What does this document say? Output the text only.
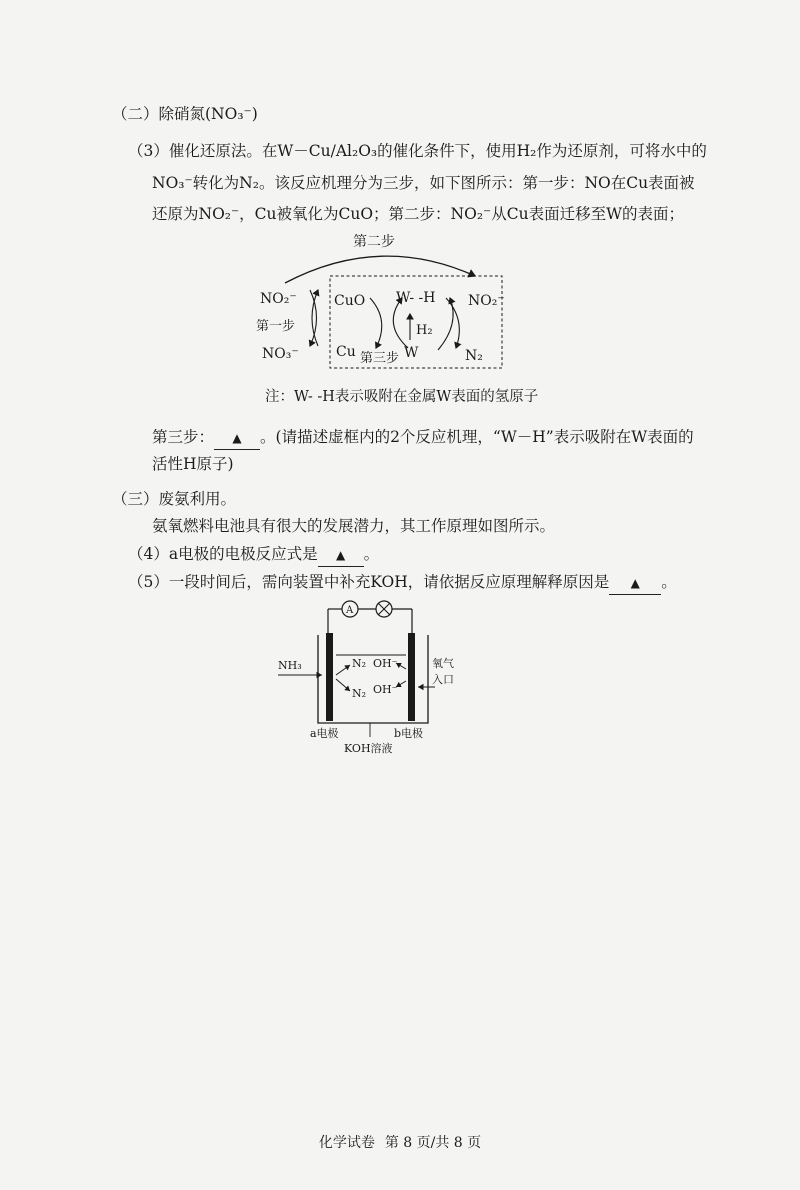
（二）除硝氮(NO₃⁻)
（3）催化还原法。在W－Cu/Al₂O₃的催化条件下，使用H₂作为还原剂，可将水中的
NO₃⁻转化为N₂。该反应机理分为三步，如下图所示：第一步：NO在Cu表面被
还原为NO₂⁻，Cu被氧化为CuO；第二步：NO₂⁻从Cu表面迁移至W的表面；
第二步
NO₂⁻
第一步
NO₃⁻
CuO
Cu 第三步
W- -H
H₂
W
NO₂⁻
N₂
注：W- -H表示吸附在金属W表面的氢原子
第三步： ▲ 。(请描述虚框内的2个反应机理，“W－H”表示吸附在W表面的
活性H原子)
（三）废氨利用。
氨氧燃料电池具有很大的发展潜力，其工作原理如图所示。
（4）a电极的电极反应式是 ▲ 。
（5）一段时间后，需向装置中补充KOH，请依据反应原理解释原因是 ▲ 。
A
NH₃	N₂
N₂
OH⁻
OH⁻
氧气
入口
a电极	b电极
KOH溶液
化学试卷 第 8 页/共 8 页
